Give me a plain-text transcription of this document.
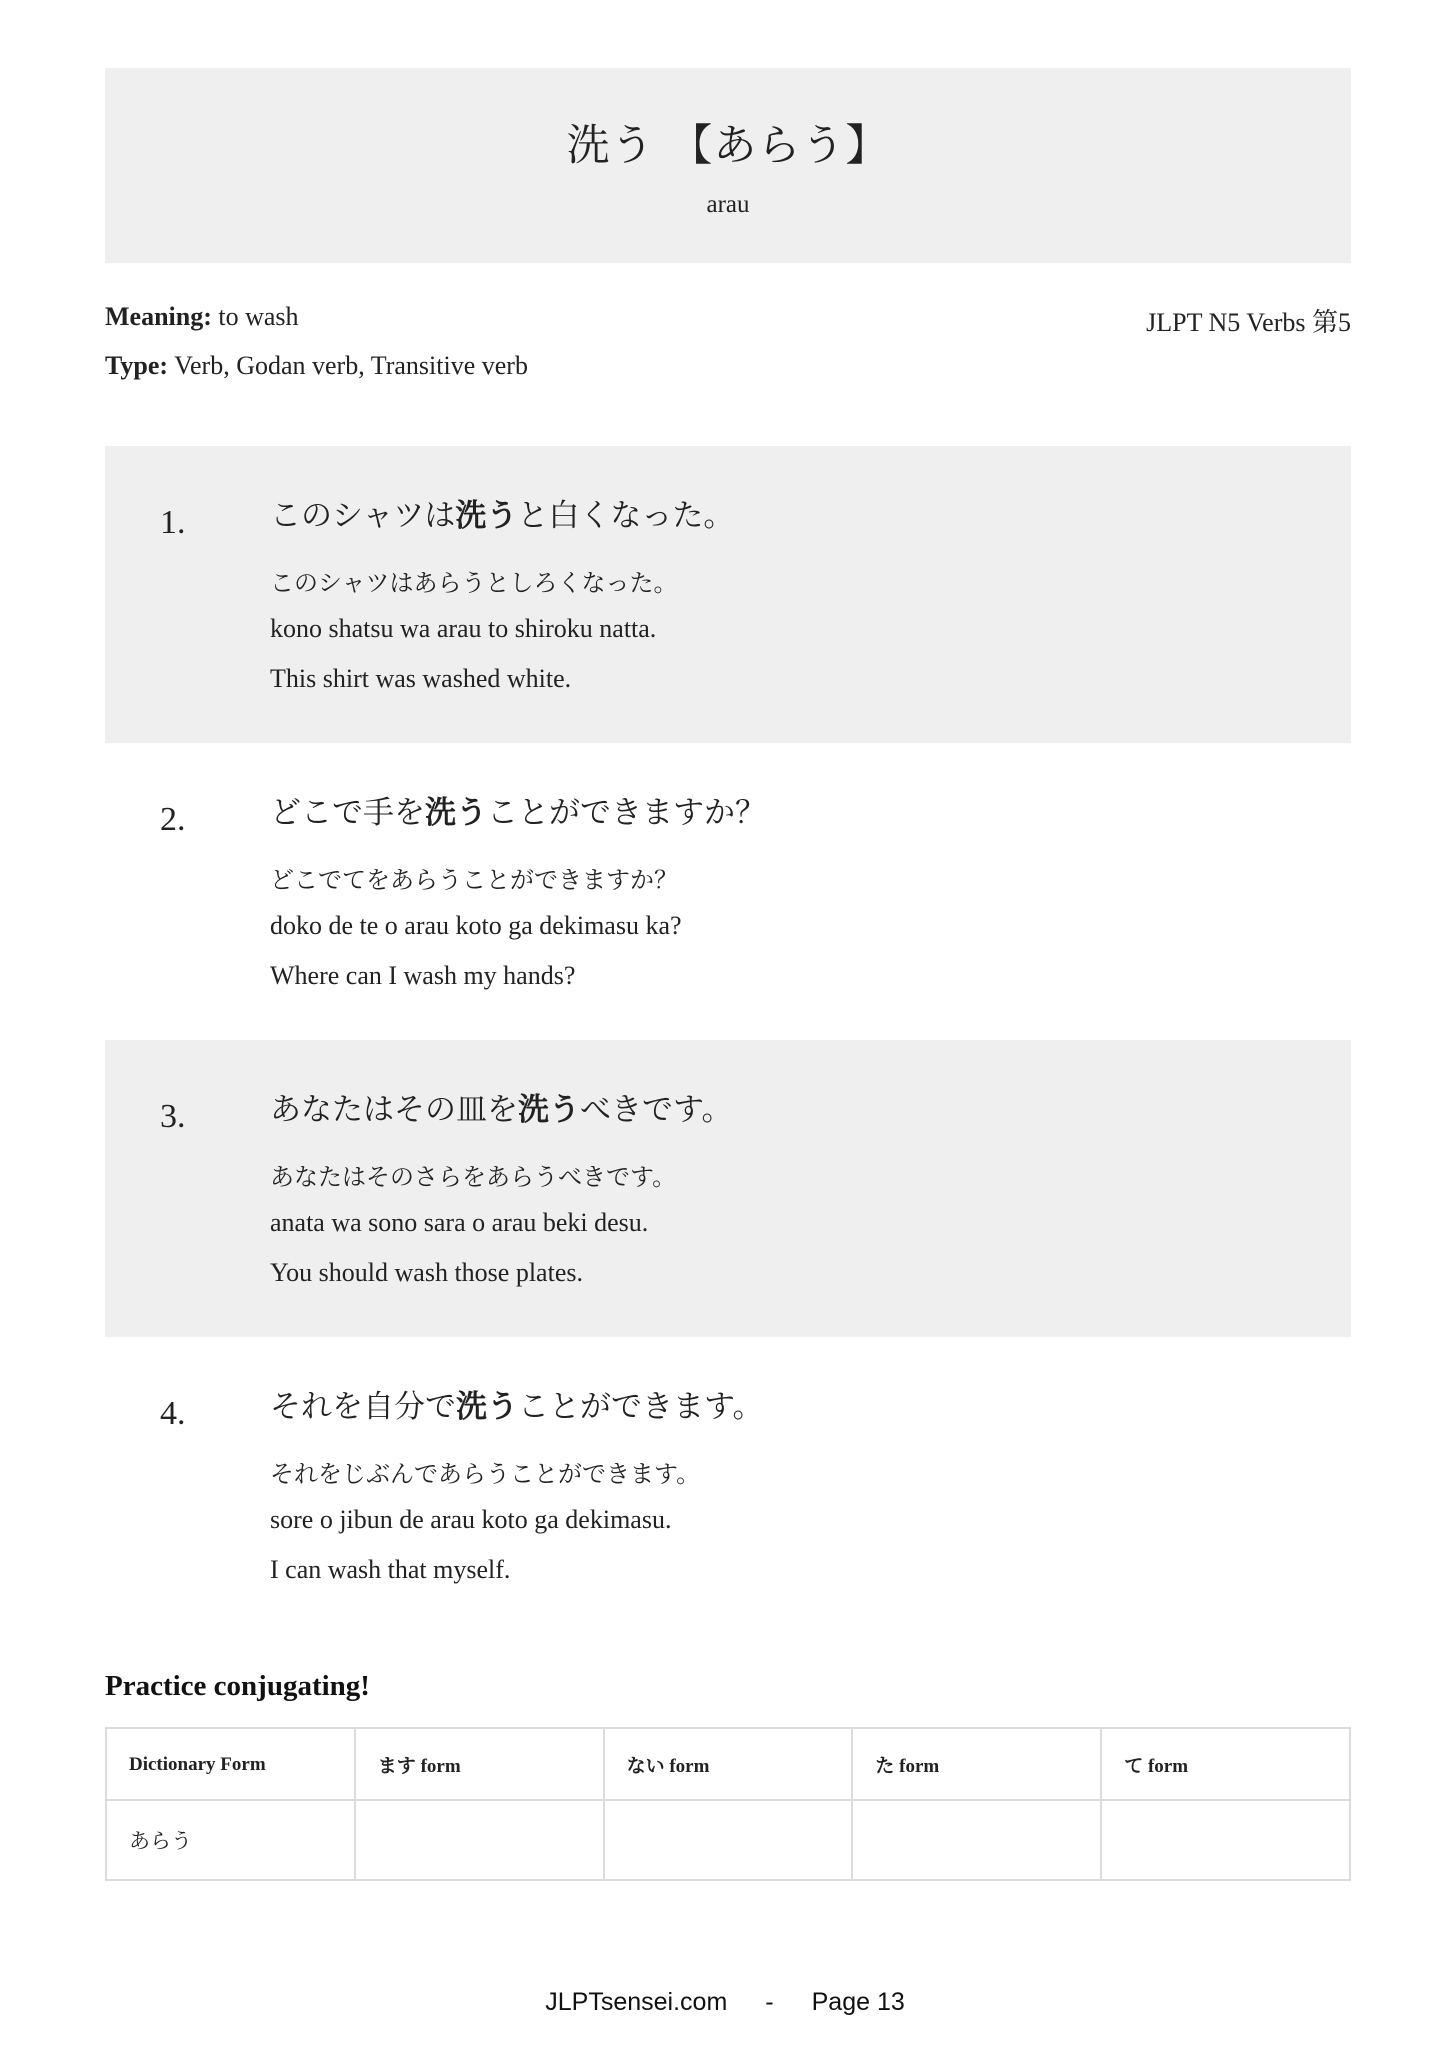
洗う 【あらう】
arau
Meaning: to wash
Type: Verb, Godan verb, Transitive verb
JLPT N5 Verbs 第5
1.	このシャツは洗うと白くなった。
このシャツはあらうとしろくなった。
kono shatsu wa arau to shiroku natta.
This shirt was washed white.
2.	どこで手を洗うことができますか？
どこでてをあらうことができますか？
doko de te o arau koto ga dekimasu ka?
Where can I wash my hands?
3.	あなたはその皿を洗うべきです。
あなたはそのさらをあらうべきです。
anata wa sono sara o arau beki desu.
You should wash those plates.
4.	それを自分で洗うことができます。
それをじぶんであらうことができます。
sore o jibun de arau koto ga dekimasu.
I can wash that myself.
Practice conjugating!
Dictionary Form	ます form	ない form	た form	て form
あらう				
JLPTsensei.com - Page 13
